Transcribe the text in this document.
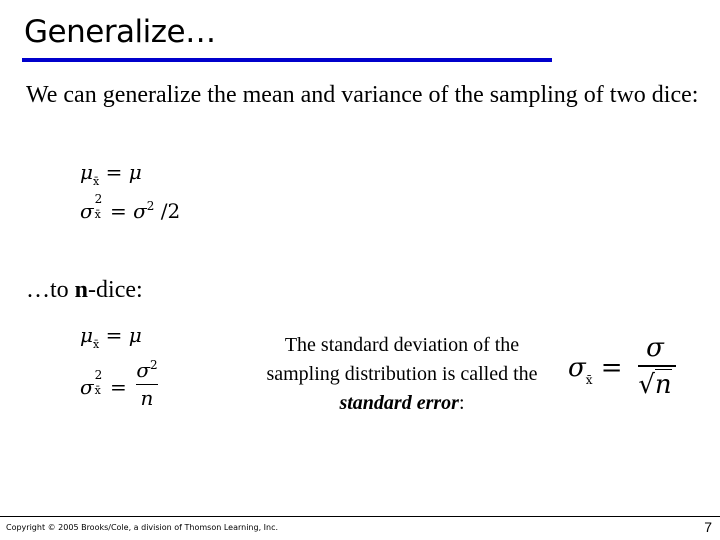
Generalize…
We can generalize the mean and variance of the sampling of two dice:
$\mu_{x̄} = \mu$
σ 2
x̄ = $\sigma^2$ /2
…to n-dice:
$\mu_{x̄} = \mu$
σ 2
x̄ =
$\sigma^2$
n
The standard deviation of the sampling distribution is called the standard error:
$\sigma_{x̄}$ =
σ
√n
Copyright © 2005 Brooks/Cole, a division of Thomson Learning, Inc.	7
